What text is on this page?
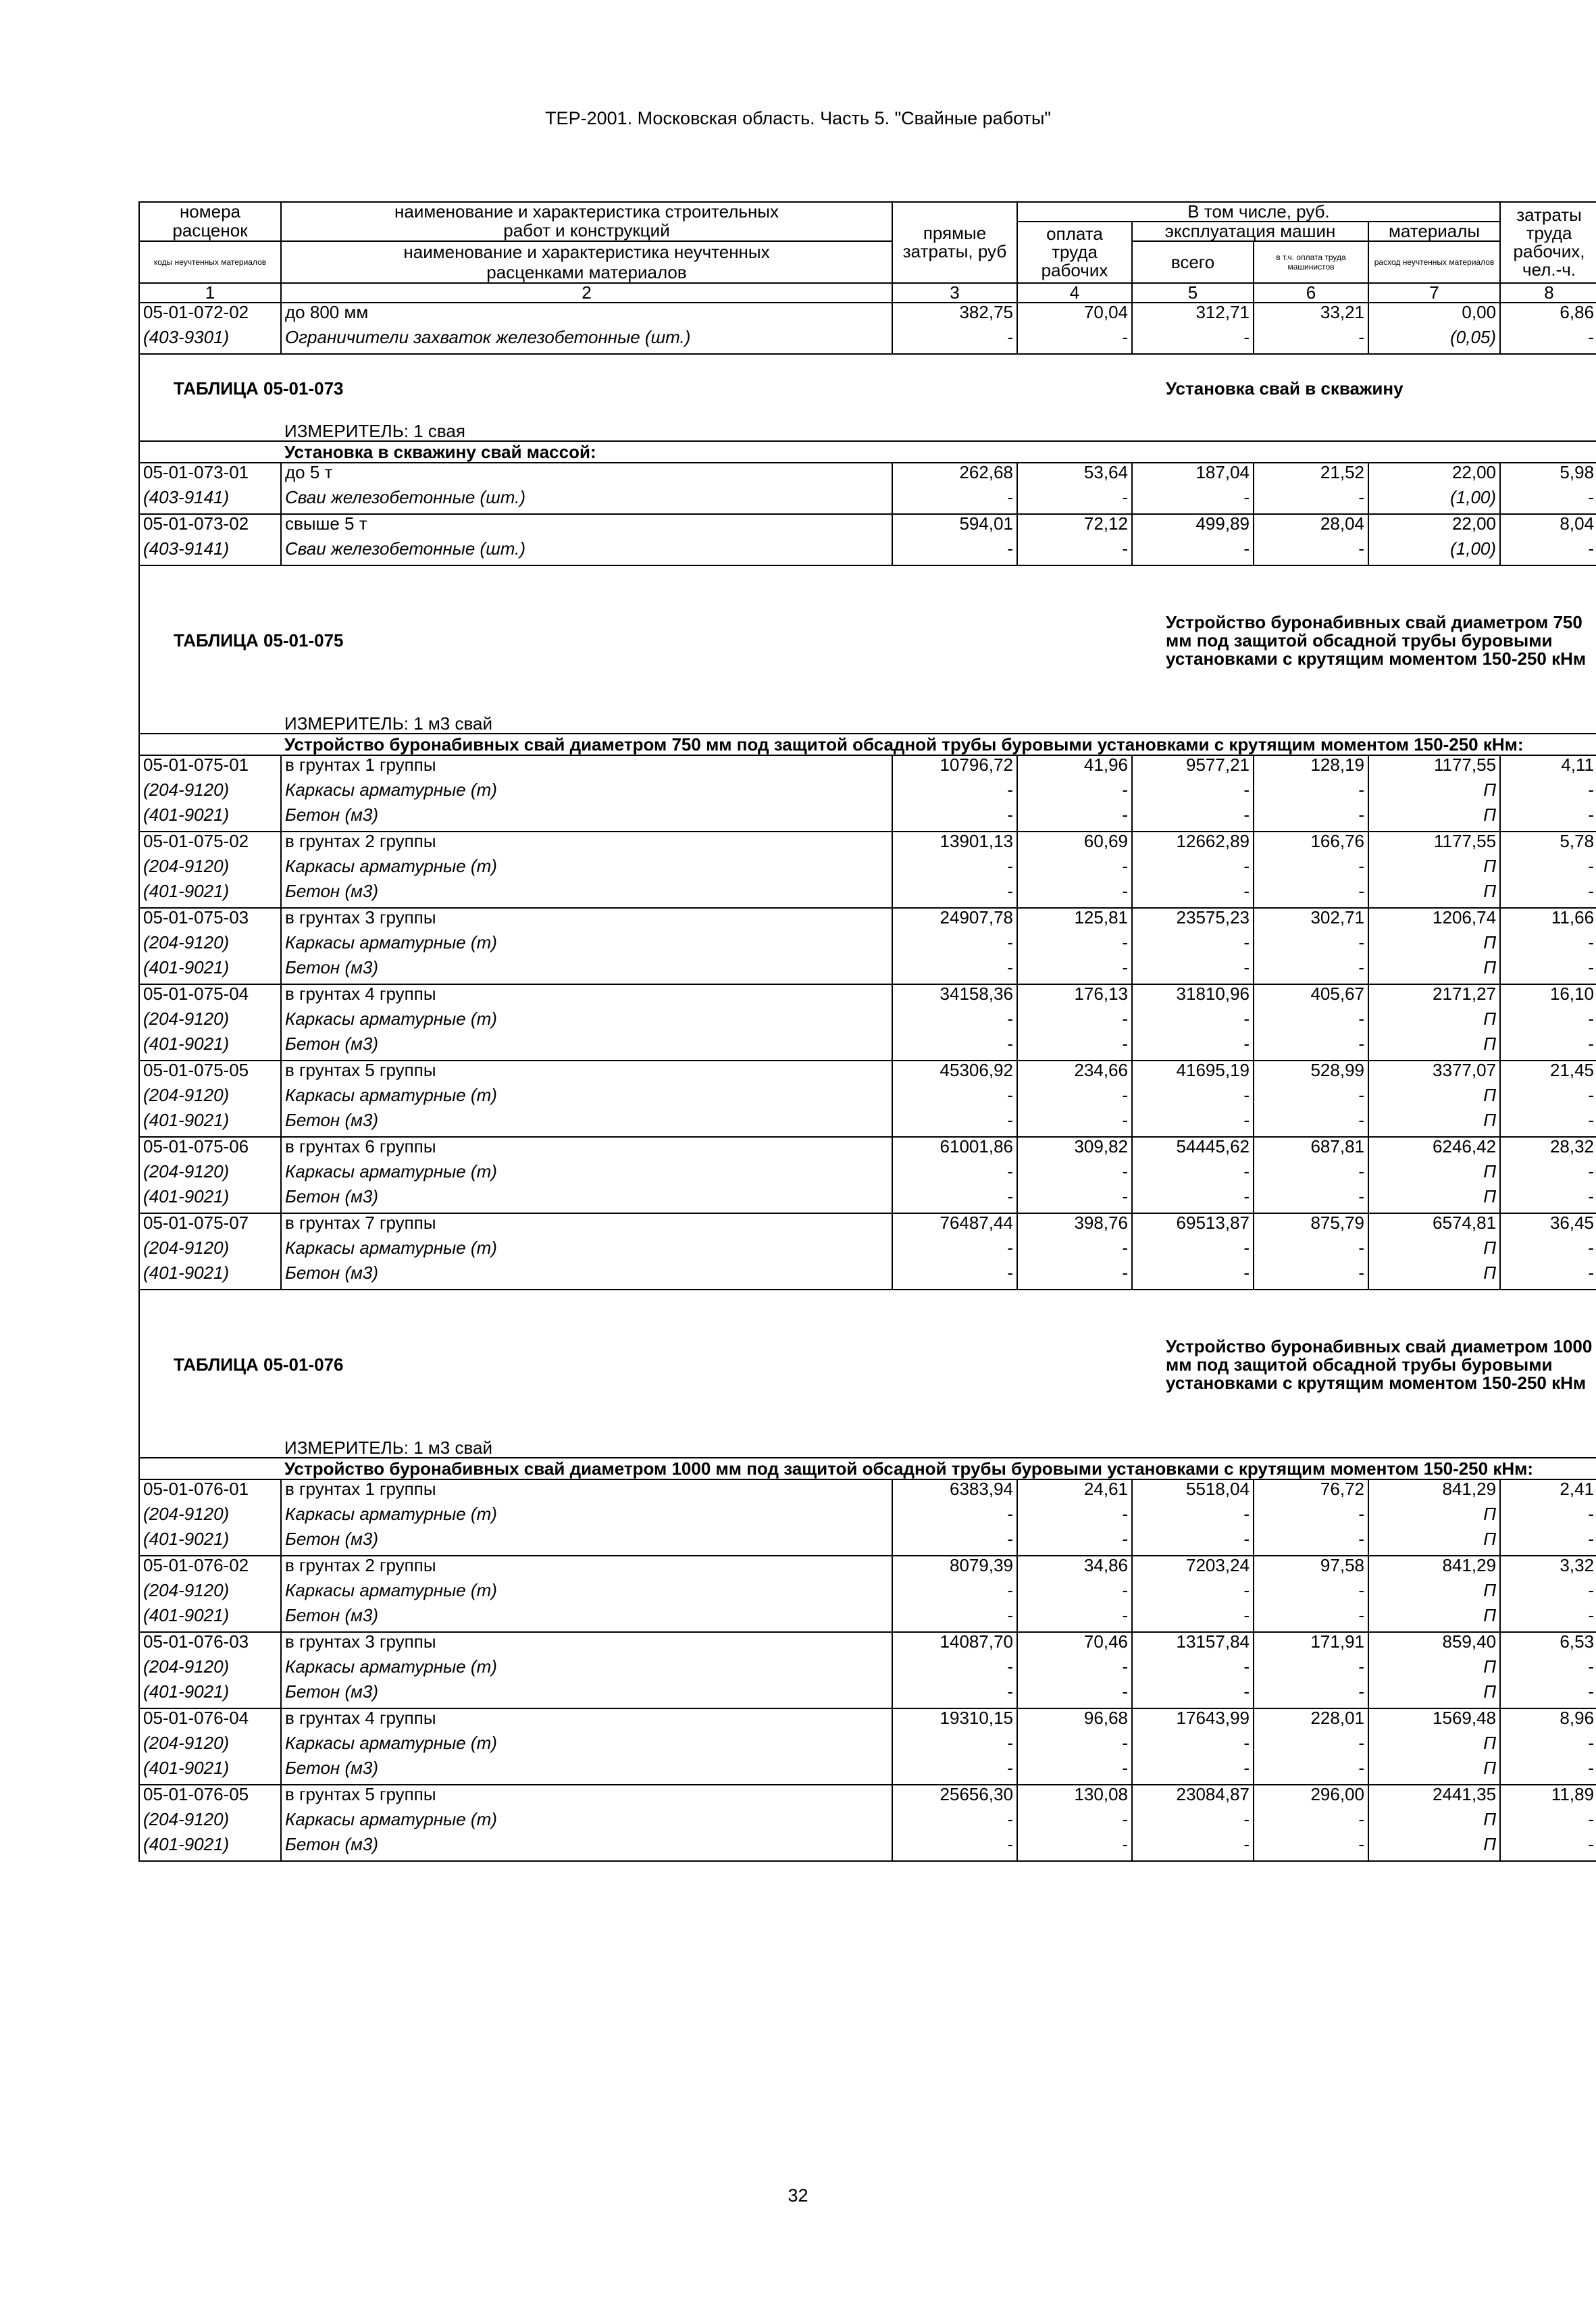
ТЕР-2001. Московская область. Часть 5. "Свайные работы"
номера	наименование и характеристика строительных	прямые затраты, руб	В том числе, руб.				затраты труда рабочих, чел.-ч.
расценок	работ и конструкций		оплата труда рабочих	эксплуатация машин		материалы	
коды неучтенных материалов	наименование и характеристика неучтенных
расценками материалов			всего	в т.ч. оплата труда машинистов	расход неучтенных материалов	
1	2	3	4	5	6	7	8
05-01-072-02	до 800 мм	382,75	70,04	312,71	33,21	0,00	6,86
(403-9301)	Ограничители захваток железобетонные (шт.)	-	-	-	-	(0,05)	-
ТАБЛИЦА 05-01-073		Установка свай в скважину					
	ИЗМЕРИТЕЛЬ: 1 свая						
	Установка в скважину свай массой:						
05-01-073-01	до 5 т	262,68	53,64	187,04	21,52	22,00	5,98
(403-9141)	Сваи железобетонные (шт.)	-	-	-	-	(1,00)	-
05-01-073-02	свыше 5 т	594,01	72,12	499,89	28,04	22,00	8,04
(403-9141)	Сваи железобетонные (шт.)	-	-	-	-	(1,00)	-
ТАБЛИЦА 05-01-075		Устройство буронабивных свай диаметром 750 мм под защитой обсадной трубы буровыми установками с крутящим моментом 150-250 кНм					
	ИЗМЕРИТЕЛЬ: 1 м3 свай						
	Устройство буронабивных свай диаметром 750 мм под защитой обсадной трубы буровыми установками с крутящим моментом 150-250 кНм:						
05-01-075-01	в грунтах 1 группы	10796,72	41,96	9577,21	128,19	1177,55	4,11
(204-9120)	Каркасы арматурные (т)	-	-	-	-	П	-
(401-9021)	Бетон (м3)	-	-	-	-	П	-
05-01-075-02	в грунтах 2 группы	13901,13	60,69	12662,89	166,76	1177,55	5,78
(204-9120)	Каркасы арматурные (т)	-	-	-	-	П	-
(401-9021)	Бетон (м3)	-	-	-	-	П	-
05-01-075-03	в грунтах 3 группы	24907,78	125,81	23575,23	302,71	1206,74	11,66
(204-9120)	Каркасы арматурные (т)	-	-	-	-	П	-
(401-9021)	Бетон (м3)	-	-	-	-	П	-
05-01-075-04	в грунтах 4 группы	34158,36	176,13	31810,96	405,67	2171,27	16,10
(204-9120)	Каркасы арматурные (т)	-	-	-	-	П	-
(401-9021)	Бетон (м3)	-	-	-	-	П	-
05-01-075-05	в грунтах 5 группы	45306,92	234,66	41695,19	528,99	3377,07	21,45
(204-9120)	Каркасы арматурные (т)	-	-	-	-	П	-
(401-9021)	Бетон (м3)	-	-	-	-	П	-
05-01-075-06	в грунтах 6 группы	61001,86	309,82	54445,62	687,81	6246,42	28,32
(204-9120)	Каркасы арматурные (т)	-	-	-	-	П	-
(401-9021)	Бетон (м3)	-	-	-	-	П	-
05-01-075-07	в грунтах 7 группы	76487,44	398,76	69513,87	875,79	6574,81	36,45
(204-9120)	Каркасы арматурные (т)	-	-	-	-	П	-
(401-9021)	Бетон (м3)	-	-	-	-	П	-
ТАБЛИЦА 05-01-076		Устройство буронабивных свай диаметром 1000 мм под защитой обсадной трубы буровыми установками с крутящим моментом 150-250 кНм					
	ИЗМЕРИТЕЛЬ: 1 м3 свай						
	Устройство буронабивных свай диаметром 1000 мм под защитой обсадной трубы буровыми установками с крутящим моментом 150-250 кНм:						
05-01-076-01	в грунтах 1 группы	6383,94	24,61	5518,04	76,72	841,29	2,41
(204-9120)	Каркасы арматурные (т)	-	-	-	-	П	-
(401-9021)	Бетон (м3)	-	-	-	-	П	-
05-01-076-02	в грунтах 2 группы	8079,39	34,86	7203,24	97,58	841,29	3,32
(204-9120)	Каркасы арматурные (т)	-	-	-	-	П	-
(401-9021)	Бетон (м3)	-	-	-	-	П	-
05-01-076-03	в грунтах 3 группы	14087,70	70,46	13157,84	171,91	859,40	6,53
(204-9120)	Каркасы арматурные (т)	-	-	-	-	П	-
(401-9021)	Бетон (м3)	-	-	-	-	П	-
05-01-076-04	в грунтах 4 группы	19310,15	96,68	17643,99	228,01	1569,48	8,96
(204-9120)	Каркасы арматурные (т)	-	-	-	-	П	-
(401-9021)	Бетон (м3)	-	-	-	-	П	-
05-01-076-05	в грунтах 5 группы	25656,30	130,08	23084,87	296,00	2441,35	11,89
(204-9120)	Каркасы арматурные (т)	-	-	-	-	П	-
(401-9021)	Бетон (м3)	-	-	-	-	П	-
32
